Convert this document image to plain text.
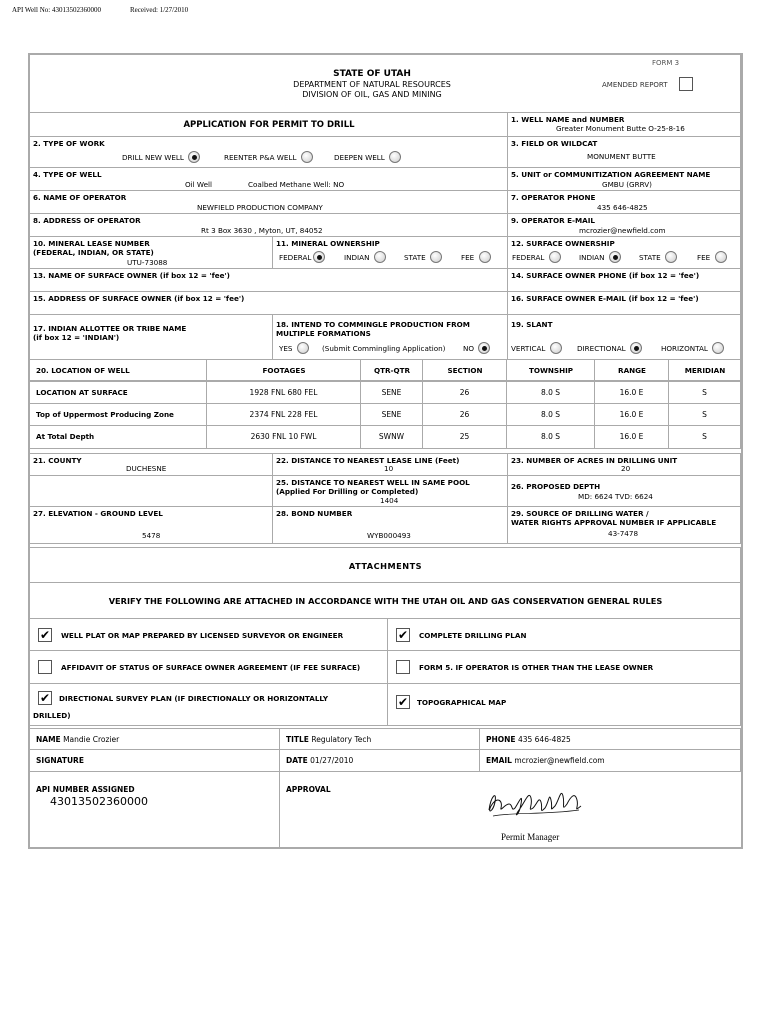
API Well No: 43013502360000	Received: 1/27/2010
STATE OF UTAH
DEPARTMENT OF NATURAL RESOURCES
DIVISION OF OIL, GAS AND MINING
FORM 3
AMENDED REPORT
APPLICATION FOR PERMIT TO DRILL
1. WELL NAME and NUMBER
Greater Monument Butte O-25-8-16
2. TYPE OF WORK
DRILL NEW WELL	REENTER P&A WELL	DEEPEN WELL
3. FIELD OR WILDCAT
MONUMENT BUTTE
4. TYPE OF WELL
Oil Well	Coalbed Methane Well: NO
5. UNIT or COMMUNITIZATION AGREEMENT NAME
GMBU (GRRV)
6. NAME OF OPERATOR
NEWFIELD PRODUCTION COMPANY
7. OPERATOR PHONE
435 646-4825
8. ADDRESS OF OPERATOR
Rt 3 Box 3630 , Myton, UT, 84052
9. OPERATOR E-MAIL
mcrozier@newfield.com
10. MINERAL LEASE NUMBER
(FEDERAL, INDIAN, OR STATE)
UTU-73088
11. MINERAL OWNERSHIP
FEDERAL	INDIAN	STATE	FEE
12. SURFACE OWNERSHIP
FEDERAL	INDIAN	STATE	FEE
13. NAME OF SURFACE OWNER (if box 12 = 'fee')	14. SURFACE OWNER PHONE (if box 12 = 'fee')
15. ADDRESS OF SURFACE OWNER (if box 12 = 'fee')	16. SURFACE OWNER E-MAIL (if box 12 = 'fee')
17. INDIAN ALLOTTEE OR TRIBE NAME
(if box 12 = 'INDIAN')
18. INTEND TO COMMINGLE PRODUCTION FROM
MULTIPLE FORMATIONS
YES	(Submit Commingling Application) NO
19. SLANT
VERTICAL	DIRECTIONAL	HORIZONTAL
20. LOCATION OF WELL	FOOTAGES	QTR-QTR	SECTION	TOWNSHIP	RANGE	MERIDIAN
LOCATION AT SURFACE	1928 FNL 680 FEL	SENE	26	8.0 S	16.0 E	S
Top of Uppermost Producing Zone	2374 FNL 228 FEL	SENE	26	8.0 S	16.0 E	S
At Total Depth	2630 FNL 10 FWL	SWNW	25	8.0 S	16.0 E	S
21. COUNTY
DUCHESNE
22. DISTANCE TO NEAREST LEASE LINE (Feet)
10
23. NUMBER OF ACRES IN DRILLING UNIT
20
25. DISTANCE TO NEAREST WELL IN SAME POOL
(Applied For Drilling or Completed)
1404
26. PROPOSED DEPTH
MD: 6624 TVD: 6624
27. ELEVATION - GROUND LEVEL
5478
28. BOND NUMBER
WYB000493
29. SOURCE OF DRILLING WATER /
WATER RIGHTS APPROVAL NUMBER IF APPLICABLE
43-7478
ATTACHMENTS
VERIFY THE FOLLOWING ARE ATTACHED IN ACCORDANCE WITH THE UTAH OIL AND GAS CONSERVATION GENERAL RULES
✔	WELL PLAT OR MAP PREPARED BY LICENSED SURVEYOR OR ENGINEER	✔	COMPLETE DRILLING PLAN
AFFIDAVIT OF STATUS OF SURFACE OWNER AGREEMENT (IF FEE SURFACE)	FORM 5. IF OPERATOR IS OTHER THAN THE LEASE OWNER
✔	DIRECTIONAL SURVEY PLAN (IF DIRECTIONALLY OR HORIZONTALLY
DRILLED)
✔	TOPOGRAPHICAL MAP
NAME Mandie Crozier	TITLE Regulatory Tech	PHONE 435 646-4825
SIGNATURE	DATE 01/27/2010	EMAIL mcrozier@newfield.com
API NUMBER ASSIGNED
43013502360000
APPROVAL
Permit Manager
